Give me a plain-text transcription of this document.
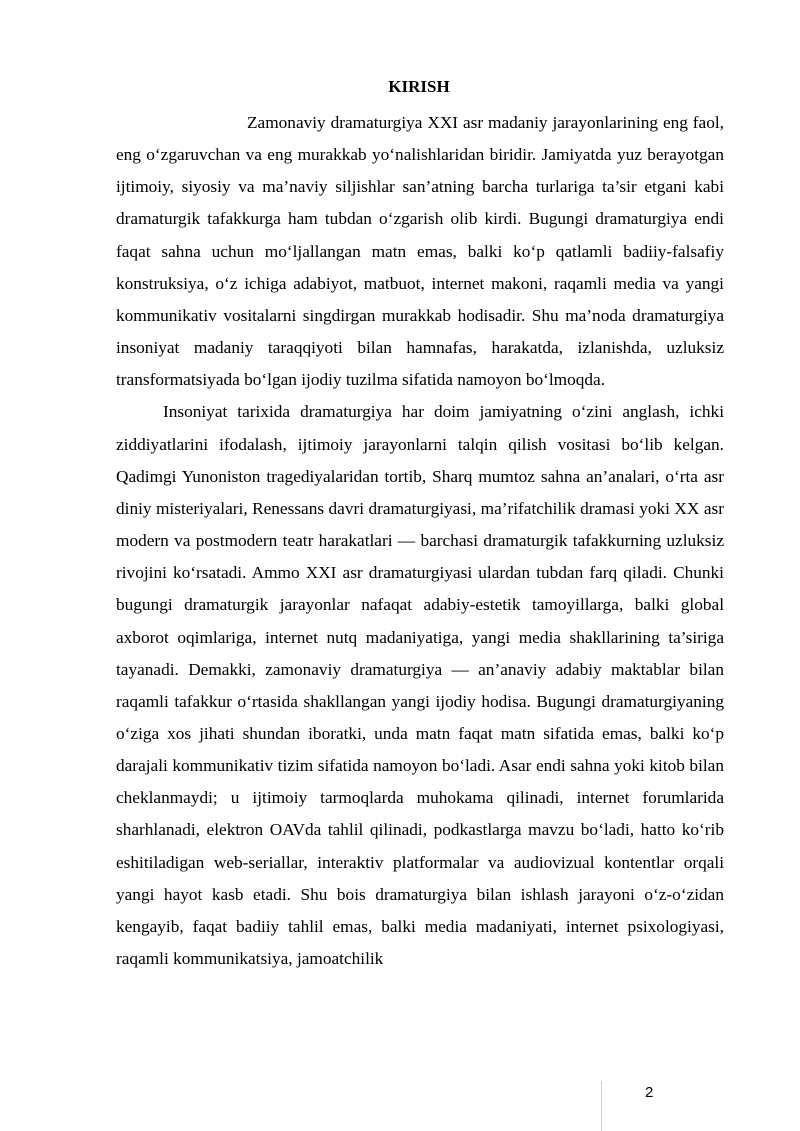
KIRISH

Zamonaviy dramaturgiya XXI asr madaniy jarayonlarining eng faol, eng o‘zgaruvchan va eng murakkab yo‘nalishlaridan biridir. Jamiyatda yuz berayotgan ijtimoiy, siyosiy va ma’naviy siljishlar san’atning barcha turlariga ta’sir etgani kabi dramaturgik tafakkurga ham tubdan o‘zgarish olib kirdi. Bugungi dramaturgiya endi faqat sahna uchun mo‘ljallangan matn emas, balki ko‘p qatlamli badiiy-falsafiy konstruksiya, o‘z ichiga adabiyot, matbuot, internet makoni, raqamli media va yangi kommunikativ vositalarni singdirgan murakkab hodisadir. Shu ma’noda dramaturgiya insoniyat madaniy taraqqiyoti bilan hamnafas, harakatda, izlanishda, uzluksiz transformatsiyada bo‘lgan ijodiy tuzilma sifatida namoyon bo‘lmoqda.

Insoniyat tarixida dramaturgiya har doim jamiyatning o‘zini anglash, ichki ziddiyatlarini ifodalash, ijtimoiy jarayonlarni talqin qilish vositasi bo‘lib kelgan. Qadimgi Yunoniston tragediyalaridan tortib, Sharq mumtoz sahna an’analari, o‘rta asr diniy misteriyalari, Renessans davri dramaturgiyasi, ma’rifatchilik dramasi yoki XX asr modern va postmodern teatr harakatlari — barchasi dramaturgik tafakkurning uzluksiz rivojini ko‘rsatadi. Ammo XXI asr dramaturgiyasi ulardan tubdan farq qiladi. Chunki bugungi dramaturgik jarayonlar nafaqat adabiy-estetik tamoyillarga, balki global axborot oqimlariga, internet nutq madaniyatiga, yangi media shakllarining ta’siriga tayanadi. Demakki, zamonaviy dramaturgiya — an’anaviy adabiy maktablar bilan raqamli tafakkur o‘rtasida shakllangan yangi ijodiy hodisa. Bugungi dramaturgiyaning o‘ziga xos jihati shundan iboratki, unda matn faqat matn sifatida emas, balki ko‘p darajali kommunikativ tizim sifatida namoyon bo‘ladi. Asar endi sahna yoki kitob bilan cheklanmaydi; u ijtimoiy tarmoqlarda muhokama qilinadi, internet forumlarida sharhlanadi, elektron OAVda tahlil qilinadi, podkastlarga mavzu bo‘ladi, hatto ko‘rib eshitiladigan web-seriallar, interaktiv platformalar va audiovizual kontentlar orqali yangi hayot kasb etadi. Shu bois dramaturgiya bilan ishlash jarayoni o‘z-o‘zidan kengayib, faqat badiiy tahlil emas, balki media madaniyati, internet psixologiyasi, raqamli kommunikatsiya, jamoatchilik

2
